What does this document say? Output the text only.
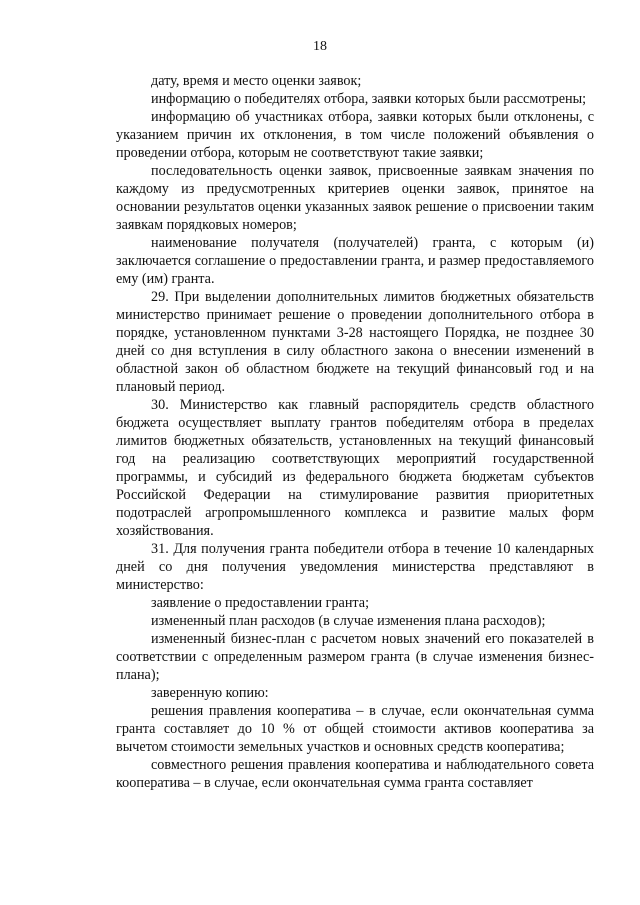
18

дату, время и место оценки заявок;

информацию о победителях отбора, заявки которых были рассмотрены;

информацию об участниках отбора, заявки которых были отклонены, с указанием причин их отклонения, в том числе положений объявления о проведении отбора, которым не соответствуют такие заявки;

последовательность оценки заявок, присвоенные заявкам значения по каждому из предусмотренных критериев оценки заявок, принятое на основании результатов оценки указанных заявок решение о присвоении таким заявкам порядковых номеров;

наименование получателя (получателей) гранта, с которым (и) заключается соглашение о предоставлении гранта, и размер предоставляемого ему (им) гранта.

29. При выделении дополнительных лимитов бюджетных обязательств министерство принимает решение о проведении дополнительного отбора в порядке, установленном пунктами 3-28 настоящего Порядка, не позднее 30 дней со дня вступления в силу областного закона о внесении изменений в областной закон об областном бюджете на текущий финансовый год и на плановый период.

30. Министерство как главный распорядитель средств областного бюджета осуществляет выплату грантов победителям отбора в пределах лимитов бюджетных обязательств, установленных на текущий финансовый год на реализацию соответствующих мероприятий государственной программы, и субсидий из федерального бюджета бюджетам субъектов Российской Федерации на стимулирование развития приоритетных подотраслей агропромышленного комплекса и развитие малых форм хозяйствования.

31. Для получения гранта победители отбора в течение 10 календарных дней со дня получения уведомления министерства представляют в министерство:

заявление о предоставлении гранта;

измененный план расходов (в случае изменения плана расходов);

измененный бизнес-план с расчетом новых значений его показателей в соответствии с определенным размером гранта (в случае изменения бизнес-плана);

заверенную копию:

решения правления кооператива – в случае, если окончательная сумма гранта составляет до 10 % от общей стоимости активов кооператива за вычетом стоимости земельных участков и основных средств кооператива;

совместного решения правления кооператива и наблюдательного совета кооператива – в случае, если окончательная сумма гранта составляет
